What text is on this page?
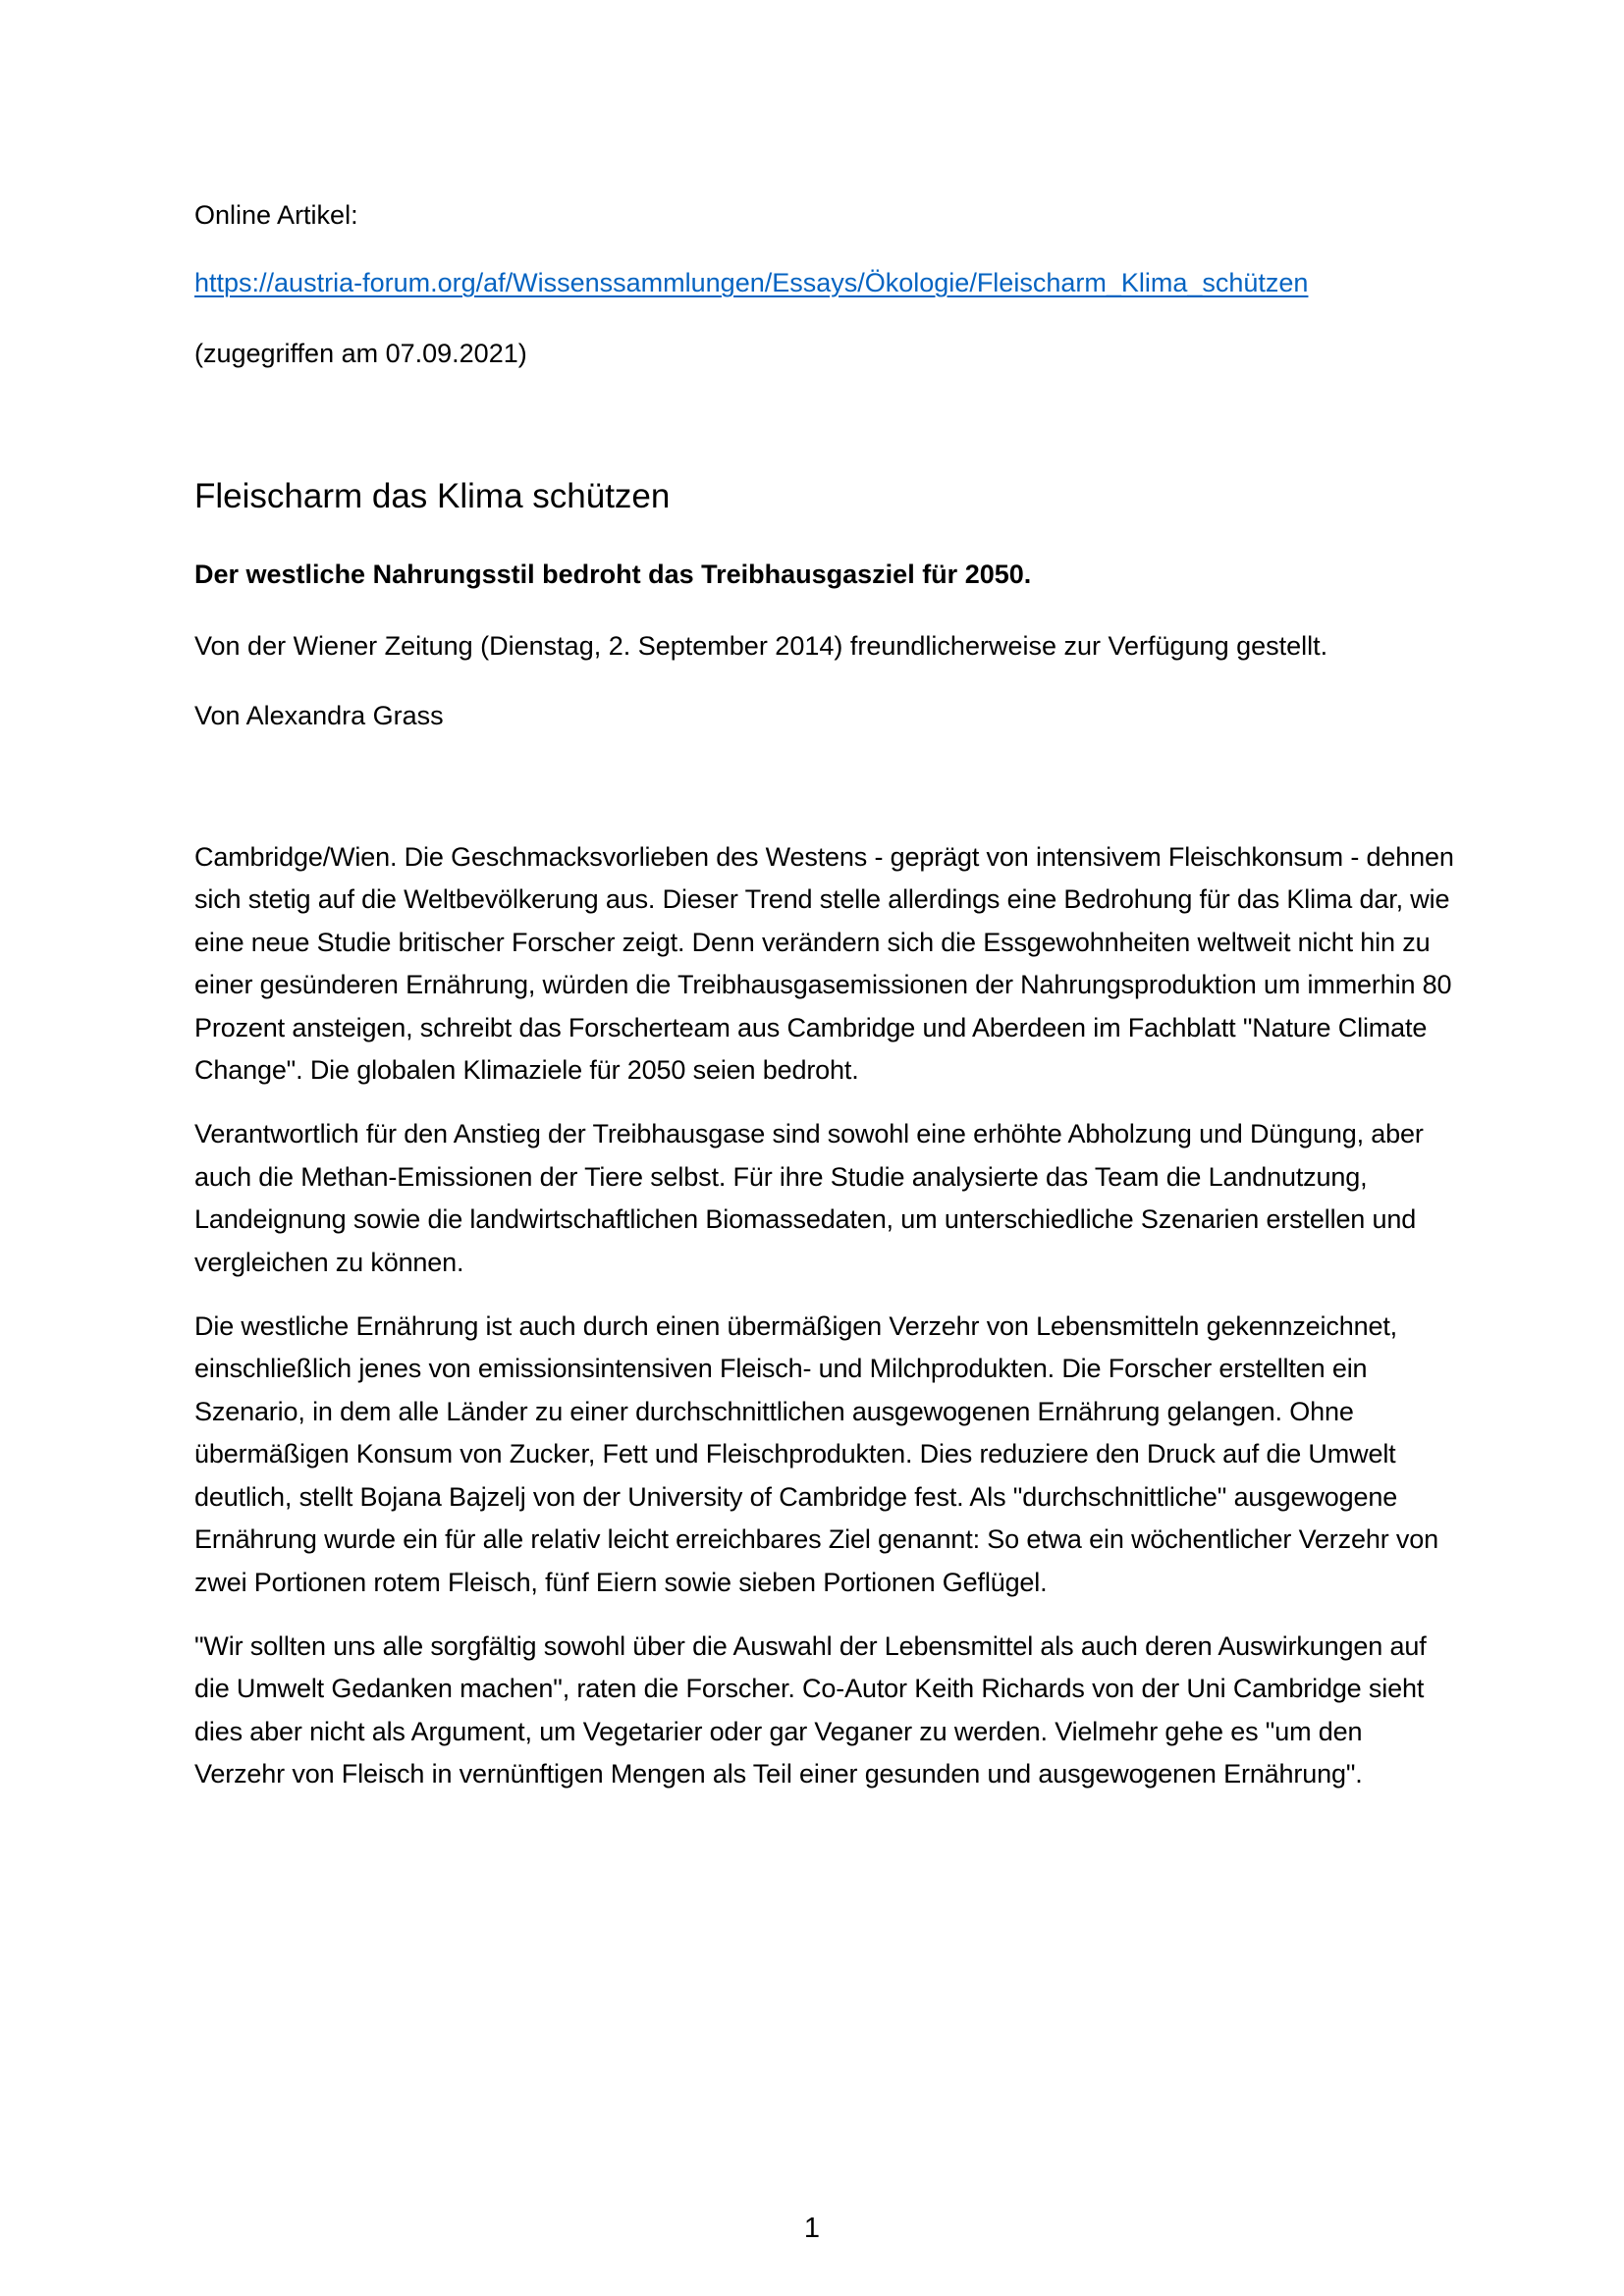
Online Artikel:
https://austria-forum.org/af/Wissenssammlungen/Essays/Ökologie/Fleischarm_Klima_schützen
(zugegriffen am 07.09.2021)
Fleischarm das Klima schützen
Der westliche Nahrungsstil bedroht das Treibhausgasziel für 2050.
Von der Wiener Zeitung (Dienstag, 2. September 2014) freundlicherweise zur Verfügung gestellt.
Von Alexandra Grass

Cambridge/Wien. Die Geschmacksvorlieben des Westens - geprägt von intensivem Fleischkonsum - dehnen sich stetig auf die Weltbevölkerung aus. Dieser Trend stelle allerdings eine Bedrohung für das Klima dar, wie eine neue Studie britischer Forscher zeigt. Denn verändern sich die Essgewohnheiten weltweit nicht hin zu einer gesünderen Ernährung, würden die Treibhausgasemissionen der Nahrungsproduktion um immerhin 80 Prozent ansteigen, schreibt das Forscherteam aus Cambridge und Aberdeen im Fachblatt "Nature Climate Change". Die globalen Klimaziele für 2050 seien bedroht.

Verantwortlich für den Anstieg der Treibhausgase sind sowohl eine erhöhte Abholzung und Düngung, aber auch die Methan-Emissionen der Tiere selbst. Für ihre Studie analysierte das Team die Landnutzung, Landeignung sowie die landwirtschaftlichen Biomassedaten, um unterschiedliche Szenarien erstellen und vergleichen zu können.

Die westliche Ernährung ist auch durch einen übermäßigen Verzehr von Lebensmitteln gekennzeichnet, einschließlich jenes von emissionsintensiven Fleisch- und Milchprodukten. Die Forscher erstellten ein Szenario, in dem alle Länder zu einer durchschnittlichen ausgewogenen Ernährung gelangen. Ohne übermäßigen Konsum von Zucker, Fett und Fleischprodukten. Dies reduziere den Druck auf die Umwelt deutlich, stellt Bojana Bajzelj von der University of Cambridge fest. Als "durchschnittliche" ausgewogene Ernährung wurde ein für alle relativ leicht erreichbares Ziel genannt: So etwa ein wöchentlicher Verzehr von zwei Portionen rotem Fleisch, fünf Eiern sowie sieben Portionen Geflügel.

"Wir sollten uns alle sorgfältig sowohl über die Auswahl der Lebensmittel als auch deren Auswirkungen auf die Umwelt Gedanken machen", raten die Forscher. Co-Autor Keith Richards von der Uni Cambridge sieht dies aber nicht als Argument, um Vegetarier oder gar Veganer zu werden. Vielmehr gehe es "um den Verzehr von Fleisch in vernünftigen Mengen als Teil einer gesunden und ausgewogenen Ernährung".

1
